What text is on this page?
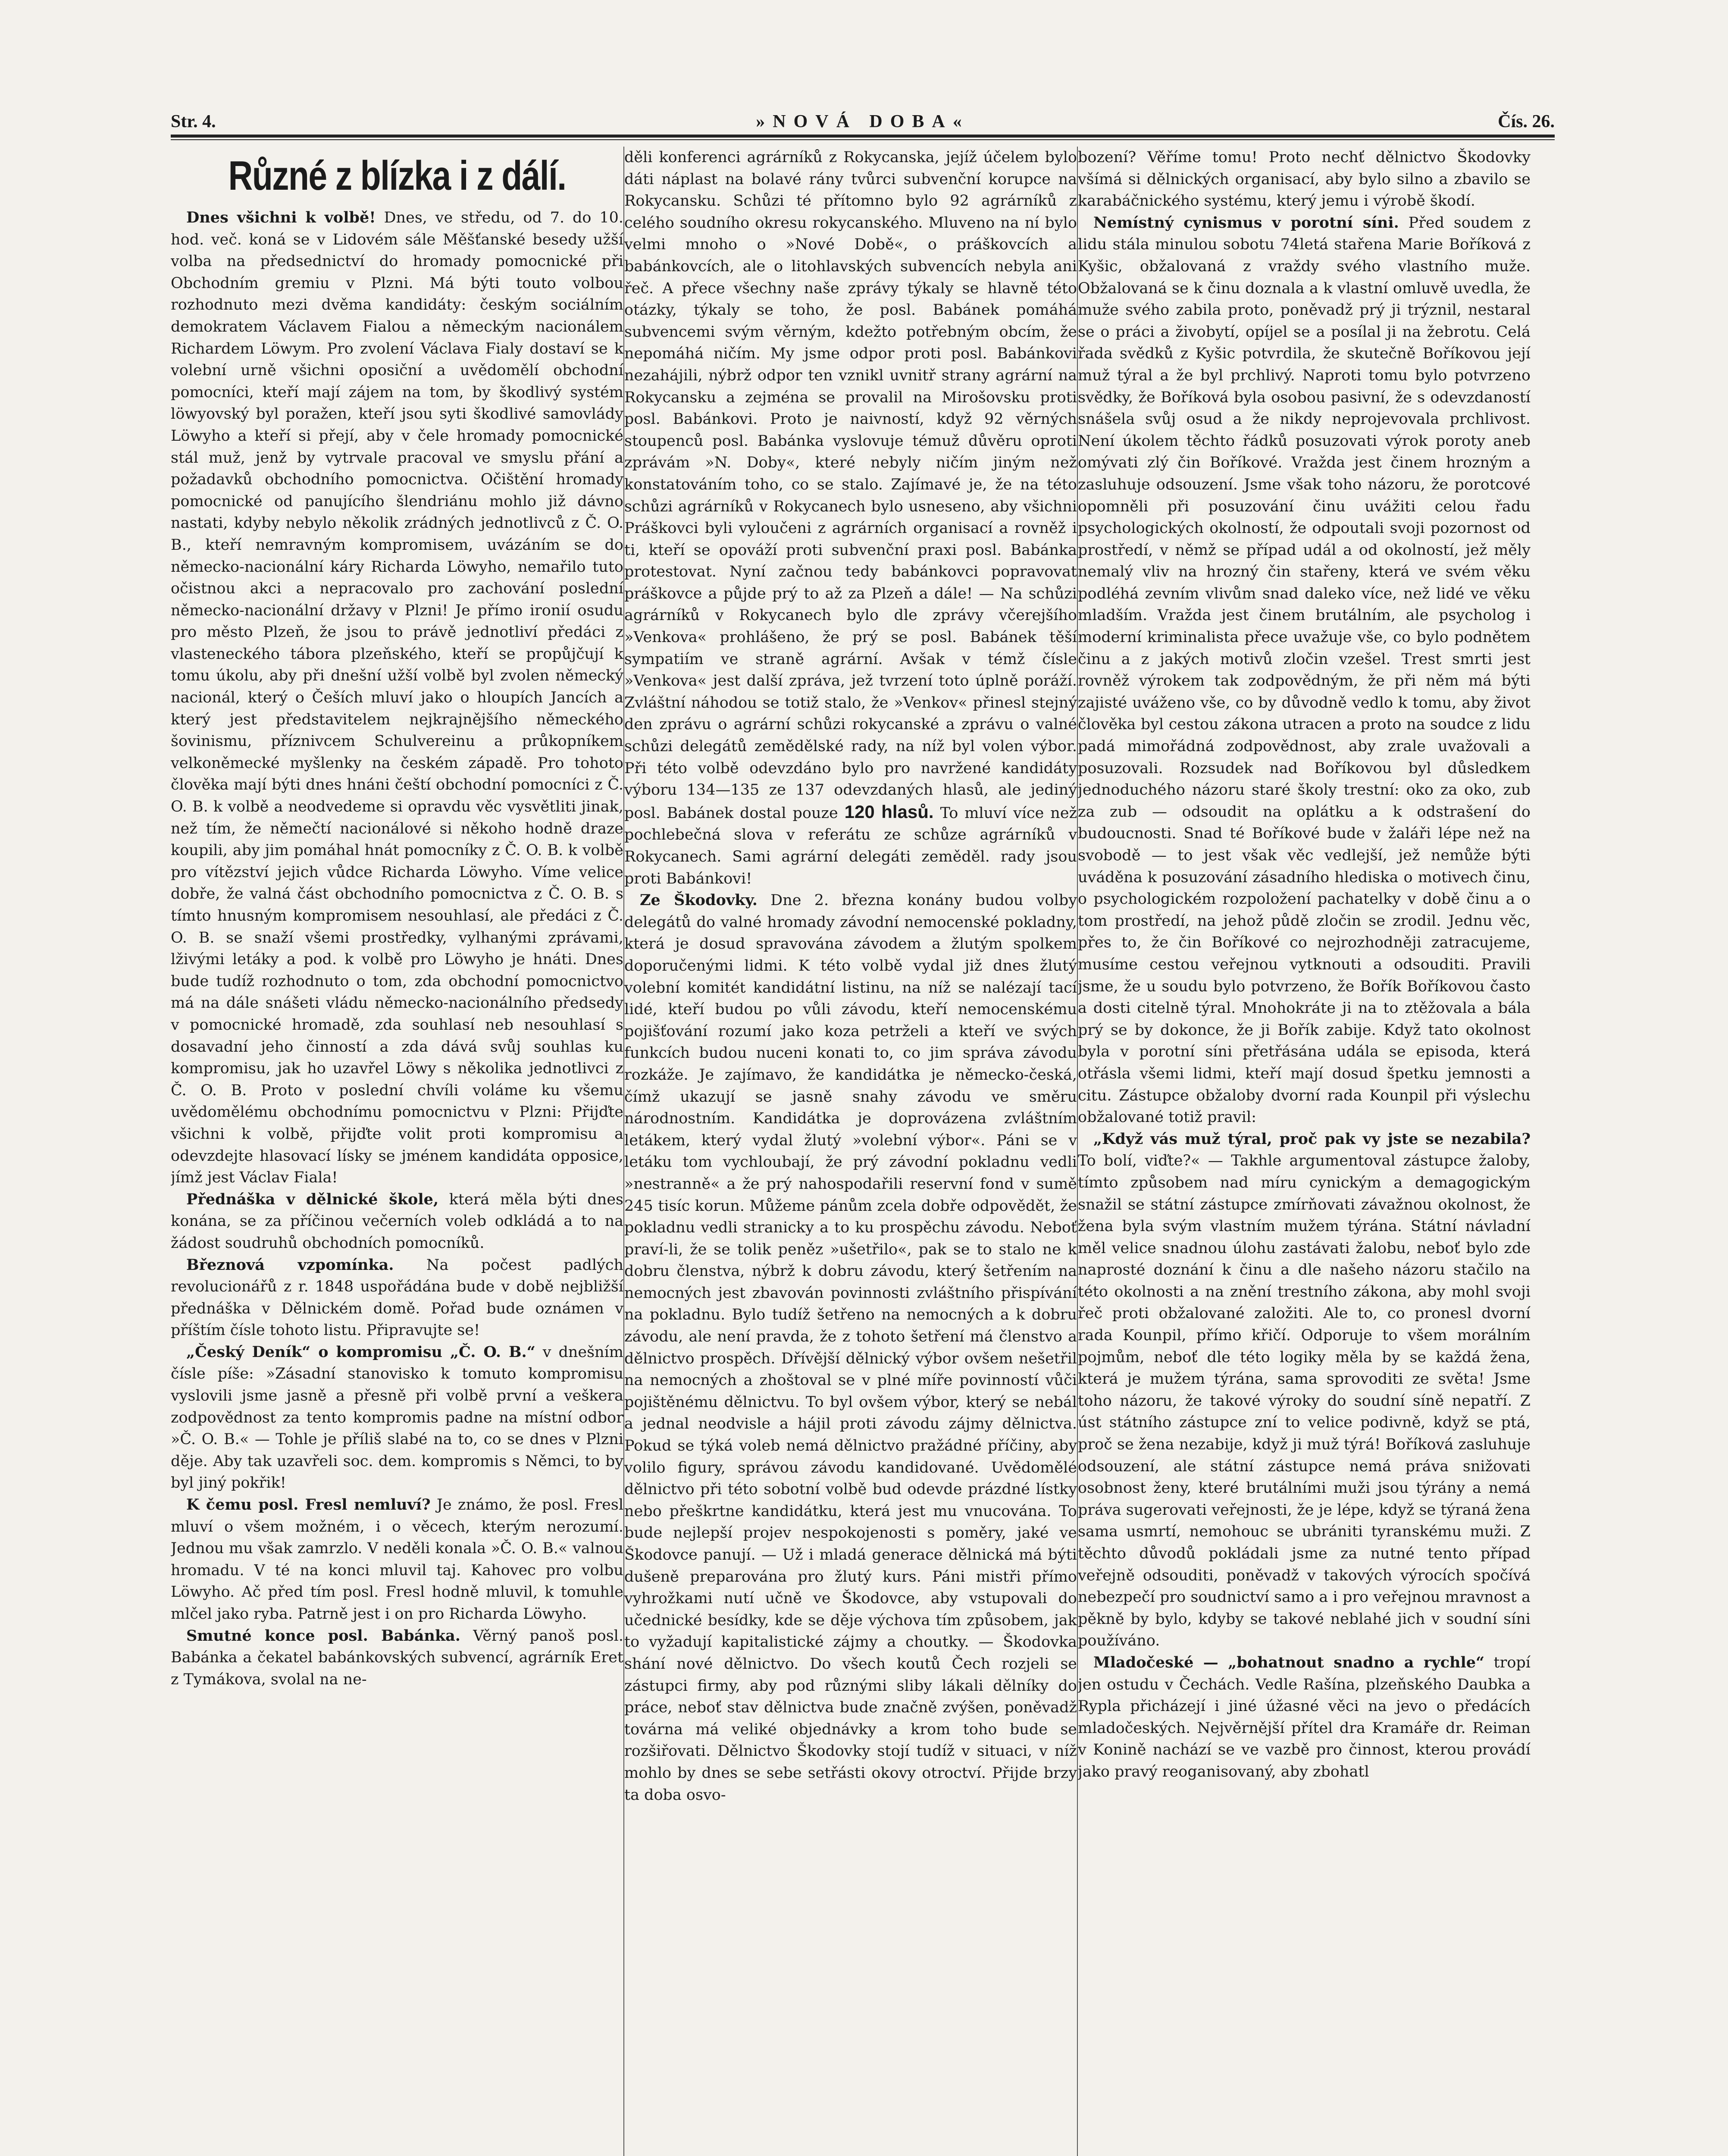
Str. 4.	»NOVÁ DOBA«	Čís. 26.
Různé z blízka i z dálí.

Dnes všichni k volbě! Dnes, ve středu, od 7. do 10. hod. več. koná se v Lidovém sále Měšťanské besedy užší volba na předsednictví do hromady pomocnické při Obchodním gremiu v Plzni. Má býti touto volbou rozhodnuto mezi dvěma kandidáty: českým sociálním demokratem Václavem Fialou a německým nacionálem Richardem Löwym. Pro zvolení Václava Fialy dostaví se k volební urně všichni oposiční a uvědomělí obchodní pomocníci, kteří mají zájem na tom, by škodlivý systém löwyovský byl poražen, kteří jsou syti škodlivé samovlády Löwyho a kteří si přejí, aby v čele hromady pomocnické stál muž, jenž by vytrvale pracoval ve smyslu přání a požadavků obchodního pomocnictva. Očištění hromady pomocnické od panujícího šlendriánu mohlo již dávno nastati, kdyby nebylo několik zrádných jednotlivců z Č. O. B., kteří nemravným kompromisem, uvázáním se do německo-nacionální káry Richarda Löwyho, nemařilo tuto očistnou akci a nepracovalo pro zachování poslední německo-nacionální državy v Plzni! Je přímo ironií osudu pro město Plzeň, že jsou to právě jednotliví předáci z vlasteneckého tábora plzeňského, kteří se propůjčují k tomu úkolu, aby při dnešní užší volbě byl zvolen německý nacionál, který o Češích mluví jako o hloupích Jancích a který jest představitelem nejkrajnějšího německého šovinismu, příznivcem Schulvereinu a průkopníkem velkoněmecké myšlenky na českém západě. Pro tohoto člověka mají býti dnes hnáni čeští obchodní pomocníci z Č. O. B. k volbě a neodvedeme si opravdu věc vysvětliti jinak, než tím, že němečtí nacionálové si někoho hodně draze koupili, aby jim pomáhal hnát pomocníky z Č. O. B. k volbě pro vítězství jejich vůdce Richarda Löwyho. Víme velice dobře, že valná část obchodního pomocnictva z Č. O. B. s tímto hnusným kompromisem nesouhlasí, ale předáci z Č. O. B. se snaží všemi prostředky, vylhanými zprávami, lživými letáky a pod. k volbě pro Löwyho je hnáti. Dnes bude tudíž rozhodnuto o tom, zda obchodní pomocnictvo má na dále snášeti vládu německo-nacionálního předsedy v pomocnické hromadě, zda souhlasí neb nesouhlasí s dosavadní jeho činností a zda dává svůj souhlas ku kompromisu, jak ho uzavřel Löwy s několika jednotlivci z Č. O. B. Proto v poslední chvíli voláme ku všemu uvědomělému obchodnímu pomocnictvu v Plzni: Přijďte všichni k volbě, přijďte volit proti kompromisu a odevzdejte hlasovací lísky se jménem kandidáta opposice, jímž jest Václav Fiala!

Přednáška v dělnické škole, která měla býti dnes konána, se za příčinou večerních voleb odkládá a to na žádost soudruhů obchodních pomocníků.

Březnová vzpomínka. Na počest padlých revolucionářů z r. 1848 uspořádána bude v době nejbližší přednáška v Dělnickém domě. Pořad bude oznámen v příštím čísle tohoto listu. Připravujte se!

„Český Deník“ o kompromisu „Č. O. B.“ v dnešním čísle píše: »Zásadní stanovisko k tomuto kompromisu vyslovili jsme jasně a přesně při volbě první a veškera zodpovědnost za tento kompromis padne na místní odbor »Č. O. B.« — Tohle je příliš slabé na to, co se dnes v Plzni děje. Aby tak uzavřeli soc. dem. kompromis s Němci, to by byl jiný pokřik!

K čemu posl. Fresl nemluví? Je známo, že posl. Fresl mluví o všem možném, i o věcech, kterým nerozumí. Jednou mu však zamrzlo. V neděli konala »Č. O. B.« valnou hromadu. V té na konci mluvil taj. Kahovec pro volbu Löwyho. Ač před tím posl. Fresl hodně mluvil, k tomuhle mlčel jako ryba. Patrně jest i on pro Richarda Löwyho.

Smutné konce posl. Babánka. Věrný panoš posl. Babánka a čekatel babánkovských subvencí, agrárník Eret z Tymákova, svolal na ne-

děli konferenci agrárníků z Rokycanska, jejíž účelem bylo dáti náplast na bolavé rány tvůrci subvenční korupce na Rokycansku. Schůzi té přítomno bylo 92 agrárníků z celého soudního okresu rokycanského. Mluveno na ní bylo velmi mnoho o »Nové Době«, o práškovcích a babánkovcích, ale o litohlavských subvencích nebyla ani řeč. A přece všechny naše zprávy týkaly se hlavně této otázky, týkaly se toho, že posl. Babánek pomáhá subvencemi svým věrným, kdežto potřebným obcím, že nepomáhá ničím. My jsme odpor proti posl. Babánkovi nezahájili, nýbrž odpor ten vznikl uvnitř strany agrární na Rokycansku a zejména se provalil na Mirošovsku proti posl. Babánkovi. Proto je naivností, když 92 věrných stoupenců posl. Babánka vyslovuje témuž důvěru oproti zprávám »N. Doby«, které nebyly ničím jiným než konstatováním toho, co se stalo. Zajímavé je, že na této schůzi agrárníků v Rokycanech bylo usneseno, aby všichni Práškovci byli vyloučeni z agrárních organisací a rovněž i ti, kteří se opováží proti subvenční praxi posl. Babánka protestovat. Nyní začnou tedy babánkovci popravovat práškovce a půjde prý to až za Plzeň a dále! — Na schůzi agrárníků v Rokycanech bylo dle zprávy včerejšího »Venkova« prohlášeno, že prý se posl. Babánek těší sympatiím ve straně agrární. Avšak v témž čísle »Venkova« jest další zpráva, jež tvrzení toto úplně poráží. Zvláštní náhodou se totiž stalo, že »Venkov« přinesl stejný den zprávu o agrární schůzi rokycanské a zprávu o valné schůzi delegátů zemědělské rady, na níž byl volen výbor. Při této volbě odevzdáno bylo pro navržené kandidáty výboru 134—135 ze 137 odevzdaných hlasů, ale jediný posl. Babánek dostal pouze 120 hlasů. To mluví více než pochlebečná slova v referátu ze schůze agrárníků v Rokycanech. Sami agrární delegáti zeměděl. rady jsou proti Babánkovi!

Ze Škodovky. Dne 2. března konány budou volby delegátů do valné hromady závodní nemocenské pokladny, která je dosud spravována závodem a žlutým spolkem doporučenými lidmi. K této volbě vydal již dnes žlutý volební komitét kandidátní listinu, na níž se nalézají tací lidé, kteří budou po vůli závodu, kteří nemocenskému pojišťování rozumí jako koza petrželi a kteří ve svých funkcích budou nuceni konati to, co jim správa závodu rozkáže. Je zajímavo, že kandidátka je německo-česká, čímž ukazují se jasně snahy závodu ve směru národnostním. Kandidátka je doprovázena zvláštním letákem, který vydal žlutý »volební výbor«. Páni se v letáku tom vychloubají, že prý závodní pokladnu vedli »nestranně« a že prý nahospodařili reservní fond v sumě 245 tisíc korun. Můžeme pánům zcela dobře odpovědět, že pokladnu vedli stranicky a to ku prospěchu závodu. Neboť praví-li, že se tolik peněz »ušetřilo«, pak se to stalo ne k dobru členstva, nýbrž k dobru závodu, který šetřením na nemocných jest zbavován povinnosti zvláštního přispívání na pokladnu. Bylo tudíž šetřeno na nemocných a k dobru závodu, ale není pravda, že z tohoto šetření má členstvo a dělnictvo prospěch. Dřívější dělnický výbor ovšem nešetřil na nemocných a zhoštoval se v plné míře povinností vůči pojištěnému dělnictvu. To byl ovšem výbor, který se nebál a jednal neodvisle a hájil proti závodu zájmy dělnictva. Pokud se týká voleb nemá dělnictvo pražádné příčiny, aby volilo figury, správou závodu kandidované. Uvědomělé dělnictvo při této sobotní volbě bud odevde prázdné lístky nebo přeškrtne kandidátku, která jest mu vnucována. To bude nejlepší projev nespokojenosti s poměry, jaké ve Škodovce panují. — Už i mladá generace dělnická má býti dušeně preparována pro žlutý kurs. Páni mistři přímo vyhrožkami nutí učně ve Škodovce, aby vstupovali do učednické besídky, kde se děje výchova tím způsobem, jak to vyžadují kapitalistické zájmy a choutky. — Škodovka shání nové dělnictvo. Do všech koutů Čech rozjeli se zástupci firmy, aby pod různými sliby lákali dělníky do práce, neboť stav dělnictva bude značně zvýšen, poněvadž továrna má veliké objednávky a krom toho bude se rozšiřovati. Dělnictvo Škodovky stojí tudíž v situaci, v níž mohlo by dnes se sebe setřásti okovy otroctví. Přijde brzy ta doba osvo-

bození? Věříme tomu! Proto nechť dělnictvo Škodovky všímá si dělnických organisací, aby bylo silno a zbavilo se karabáčnického systému, který jemu i výrobě škodí.

Nemístný cynismus v porotní síni. Před soudem z lidu stála minulou sobotu 74letá stařena Marie Boříková z Kyšic, obžalovaná z vraždy svého vlastního muže. Obžalovaná se k činu doznala a k vlastní omluvě uvedla, že muže svého zabila proto, poněvadž prý ji trýznil, nestaral se o práci a živobytí, opíjel se a posílal ji na žebrotu. Celá řada svědků z Kyšic potvrdila, že skutečně Boříkovou její muž týral a že byl prchlivý. Naproti tomu bylo potvrzeno svědky, že Boříková byla osobou pasivní, že s odevzdaností snášela svůj osud a že nikdy neprojevovala prchlivost. Není úkolem těchto řádků posuzovati výrok poroty aneb omývati zlý čin Boříkové. Vražda jest činem hrozným a zasluhuje odsouzení. Jsme však toho názoru, že porotcové opomněli při posuzování činu uvážiti celou řadu psychologických okolností, že odpoutali svoji pozornost od prostředí, v němž se případ udál a od okolností, jež měly nemalý vliv na hrozný čin stařeny, která ve svém věku podléhá zevním vlivům snad daleko více, než lidé ve věku mladším. Vražda jest činem brutálním, ale psycholog i moderní kriminalista přece uvažuje vše, co bylo podnětem činu a z jakých motivů zločin vzešel. Trest smrti jest rovněž výrokem tak zodpovědným, že při něm má býti zajisté uváženo vše, co by důvodně vedlo k tomu, aby život člověka byl cestou zákona utracen a proto na soudce z lidu padá mimořádná zodpovědnost, aby zrale uvažovali a posuzovali. Rozsudek nad Boříkovou byl důsledkem jednoduchého názoru staré školy trestní: oko za oko, zub za zub — odsoudit na oplátku a k odstrašení do budoucnosti. Snad té Boříkové bude v žaláři lépe než na svobodě — to jest však věc vedlejší, jež nemůže býti uváděna k posuzování zásadního hlediska o motivech činu, o psychologickém rozpoložení pachatelky v době činu a o tom prostředí, na jehož půdě zločin se zrodil. Jednu věc, přes to, že čin Boříkové co nejrozhodněji zatracujeme, musíme cestou veřejnou vytknouti a odsouditi. Pravili jsme, že u soudu bylo potvrzeno, že Bořík Boříkovou často a dosti citelně týral. Mnohokráte ji na to ztěžovala a bála prý se by dokonce, že ji Bořík zabije. Když tato okolnost byla v porotní síni přetřásána udála se episoda, která otřásla všemi lidmi, kteří mají dosud špetku jemnosti a citu. Zástupce obžaloby dvorní rada Kounpil při výslechu obžalované totiž pravil:

„Když vás muž týral, proč pak vy jste se nezabila? To bolí, viďte?« — Takhle argumentoval zástupce žaloby, tímto způsobem nad míru cynickým a demagogickým snažil se státní zástupce zmírňovati závažnou okolnost, že žena byla svým vlastním mužem týrána. Státní návladní měl velice snadnou úlohu zastávati žalobu, neboť bylo zde naprosté doznání k činu a dle našeho názoru stačilo na této okolnosti a na znění trestního zákona, aby mohl svoji řeč proti obžalované založiti. Ale to, co pronesl dvorní rada Kounpil, přímo křičí. Odporuje to všem morálním pojmům, neboť dle této logiky měla by se každá žena, která je mužem týrána, sama sprovoditi ze světa! Jsme toho názoru, že takové výroky do soudní síně nepatří. Z úst státního zástupce zní to velice podivně, když se ptá, proč se žena nezabije, když ji muž týrá! Boříková zasluhuje odsouzení, ale státní zástupce nemá práva snižovati osobnost ženy, které brutálními muži jsou týrány a nemá práva sugerovati veřejnosti, že je lépe, když se týraná žena sama usmrtí, nemohouc se ubrániti tyranskému muži. Z těchto důvodů pokládali jsme za nutné tento případ veřejně odsouditi, poněvadž v takových výrocích spočívá nebezpečí pro soudnictví samo a i pro veřejnou mravnost a pěkně by bylo, kdyby se takové neblahé jich v soudní síni používáno.

Mladočeské — „bohatnout snadno a rychle“ tropí jen ostudu v Čechách. Vedle Rašína, plzeňského Daubka a Rypla přicházejí i jiné úžasné věci na jevo o předácích mladočeských. Nejvěrnější přítel dra Kramáře dr. Reiman v Konině nachází se ve vazbě pro činnost, kterou provádí jako pravý reoganisovaný, aby zbohatl
